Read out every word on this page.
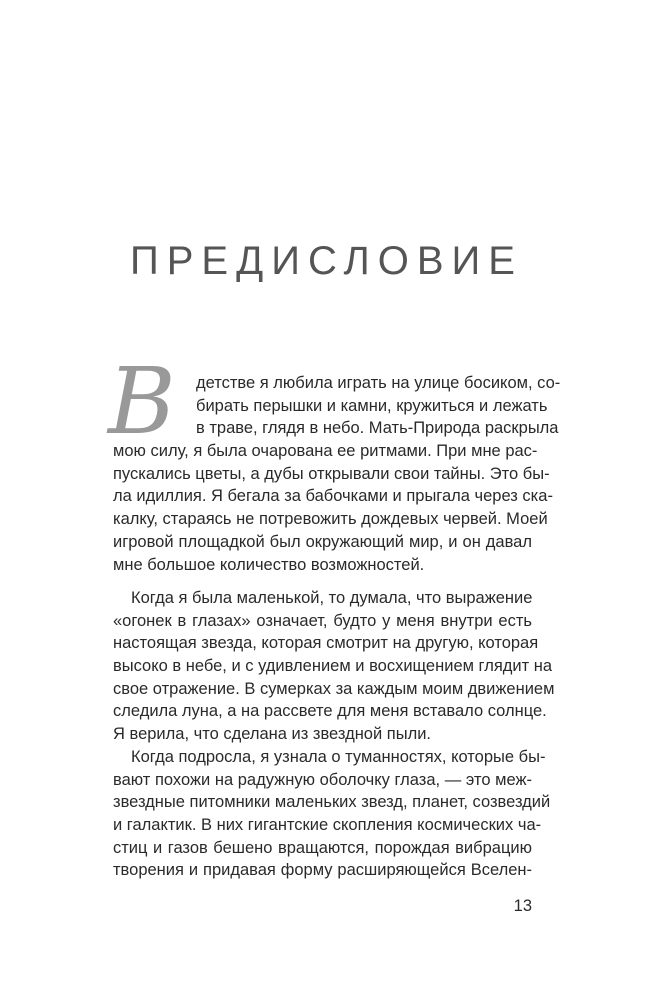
ПРЕДИСЛОВИЕ
В	детстве я любила играть на улице босиком, со-
бирать перышки и камни, кружиться и лежать
в траве, глядя в небо. Мать-Природа раскрыла
мою силу, я была очарована ее ритмами. При мне рас-
пускались цветы, а дубы открывали свои тайны. Это бы-
ла идиллия. Я бегала за бабочками и прыгала через ска-
калку, стараясь не потревожить дождевых червей. Моей
игровой площадкой был окружающий мир, и он давал
мне большое количество возможностей.
Когда я была маленькой, то думала, что выражение
«огонек в глазах» означает, будто у меня внутри есть
настоящая звезда, которая смотрит на другую, которая
высоко в небе, и с удивлением и восхищением глядит на
свое отражение. В сумерках за каждым моим движением
следила луна, а на рассвете для меня вставало солнце.
Я верила, что сделана из звездной пыли.
Когда подросла, я узнала о туманностях, которые бы-
вают похожи на радужную оболочку глаза, — это меж-
звездные питомники маленьких звезд, планет, созвездий
и галактик. В них гигантские скопления космических ча-
стиц и газов бешено вращаются, порождая вибрацию
творения и придавая форму расширяющейся Вселен-
13
